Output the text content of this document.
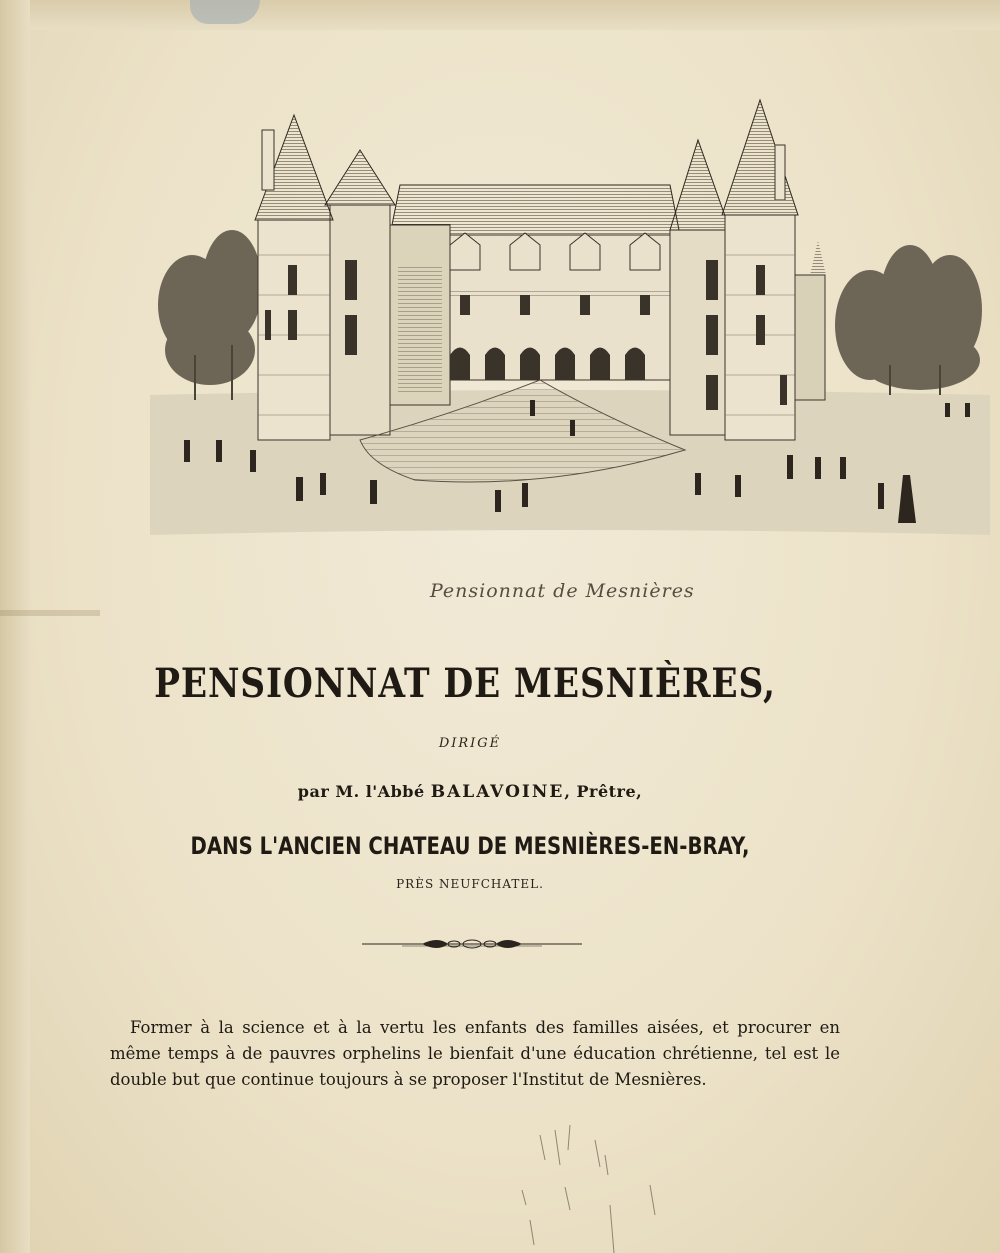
Pensionnat de Mesnières
PENSIONNAT DE MESNIÈRES,
DIRIGÉ
par M. l'Abbé BALAVOINE, Prêtre,
DANS L'ANCIEN CHATEAU DE MESNIÈRES-EN-BRAY,
PRÈS NEUFCHATEL.

Former à la science et à la vertu les enfants des familles aisées, et procurer en même temps à de pauvres orphelins le bienfait d'une éducation chrétienne, tel est le double but que continue toujours à se proposer l'Institut de Mesnières.
